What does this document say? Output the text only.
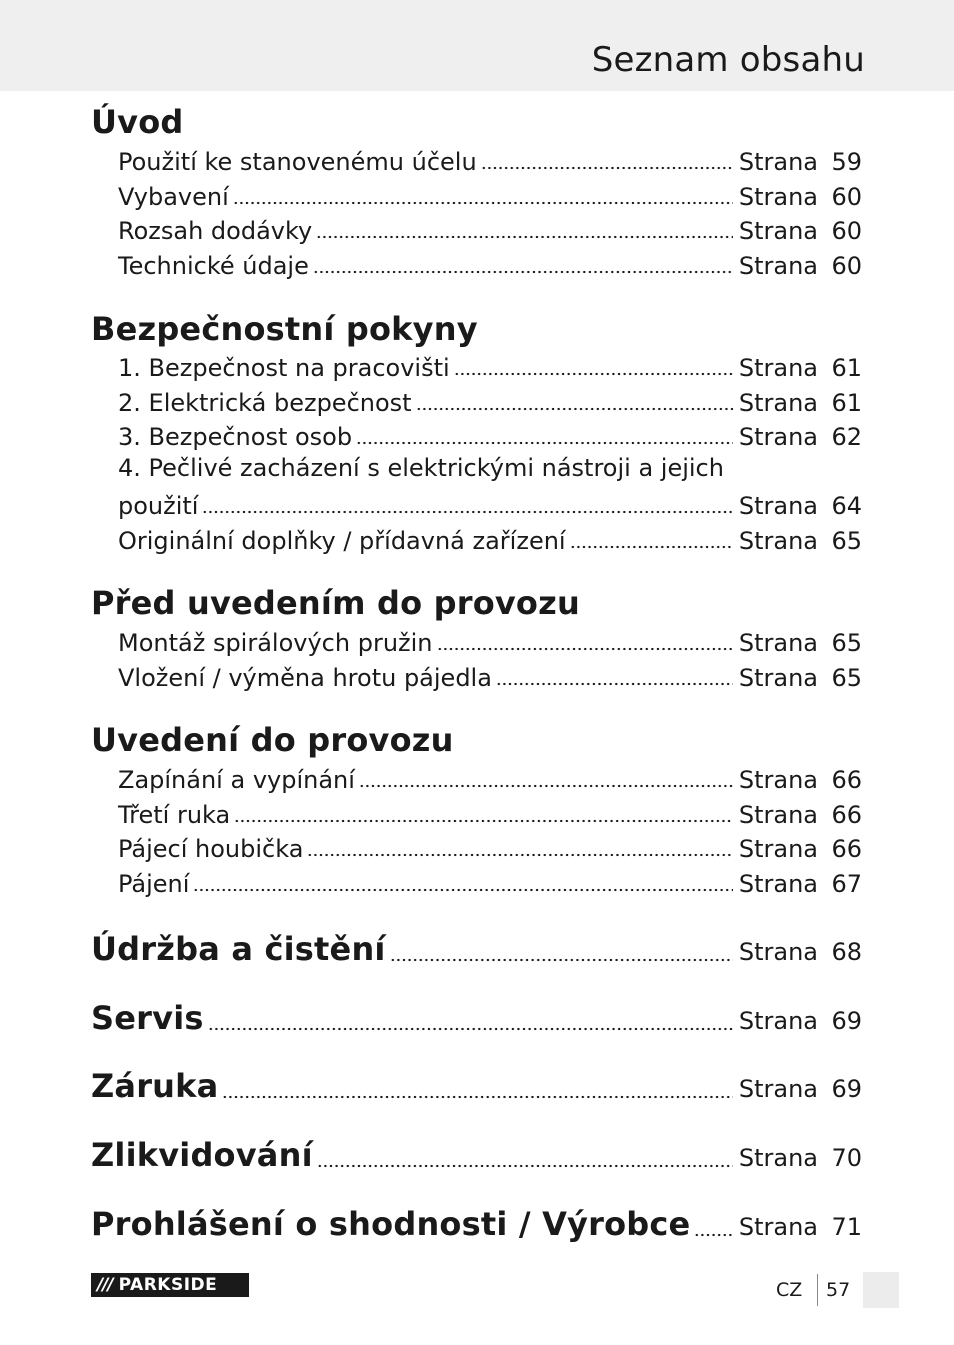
Seznam obsahu
Úvod
Použití ke stanovenému účelu	Strana 59
Vybavení	Strana 60
Rozsah dodávky	Strana 60
Technické údaje	Strana 60
Bezpečnostní pokyny
1. Bezpečnost na pracovišti	Strana 61
2. Elektrická bezpečnost	Strana 61
3. Bezpečnost osob	Strana 62
4. Pečlivé zacházení s elektrickými nástroji a jejich
použití	Strana 64
Originální doplňky / přídavná zařízení	Strana 65
Před uvedením do provozu
Montáž spirálových pružin	Strana 65
Vložení / výměna hrotu pájedla	Strana 65
Uvedení do provozu
Zapínání a vypínání	Strana 66
Třetí ruka	Strana 66
Pájecí houbička	Strana 66
Pájení	Strana 67
Údržba a čistění	Strana 68
Servis	Strana 69
Záruka	Strana 69
Zlikvidování	Strana 70
Prohlášení o shodnosti / Výrobce Strana 71
/// PARKSIDE	CZ 57
